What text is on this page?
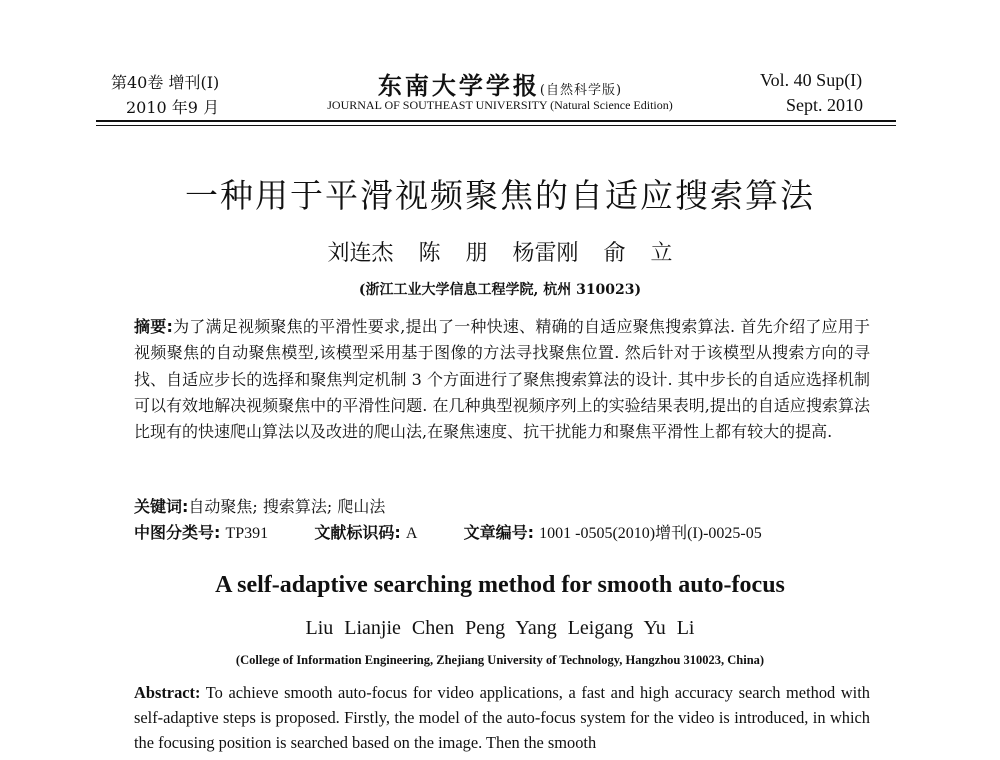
第40卷 增刊(I)
2010 年9 月
东南大学学报(自然科学版)
JOURNAL OF SOUTHEAST UNIVERSITY (Natural Science Edition)
Vol. 40 Sup(I)
Sept. 2010
一种用于平滑视频聚焦的自适应搜索算法
刘连杰 陈 朋 杨雷刚 俞 立
(浙江工业大学信息工程学院, 杭州 310023)
摘要:为了满足视频聚焦的平滑性要求,提出了一种快速、精确的自适应聚焦搜索算法. 首先介绍了应用于视频聚焦的自动聚焦模型,该模型采用基于图像的方法寻找聚焦位置. 然后针对于该模型从搜索方向的寻找、自适应步长的选择和聚焦判定机制 3 个方面进行了聚焦搜索算法的设计. 其中步长的自适应选择机制可以有效地解决视频聚焦中的平滑性问题. 在几种典型视频序列上的实验结果表明,提出的自适应搜索算法比现有的快速爬山算法以及改进的爬山法,在聚焦速度、抗干扰能力和聚焦平滑性上都有较大的提高.
关键词:自动聚焦; 搜索算法; 爬山法
中图分类号: TP391	文献标识码: A	文章编号: 1001 -0505(2010)增刊(I)-0025-05
A self-adaptive searching method for smooth auto-focus
Liu Lianjie Chen Peng Yang Leigang Yu Li
(College of Information Engineering, Zhejiang University of Technology, Hangzhou 310023, China)
Abstract: To achieve smooth auto-focus for video applications, a fast and high accuracy search method with self-adaptive steps is proposed. Firstly, the model of the auto-focus system for the video is introduced, in which the focusing position is searched based on the image. Then the smooth
